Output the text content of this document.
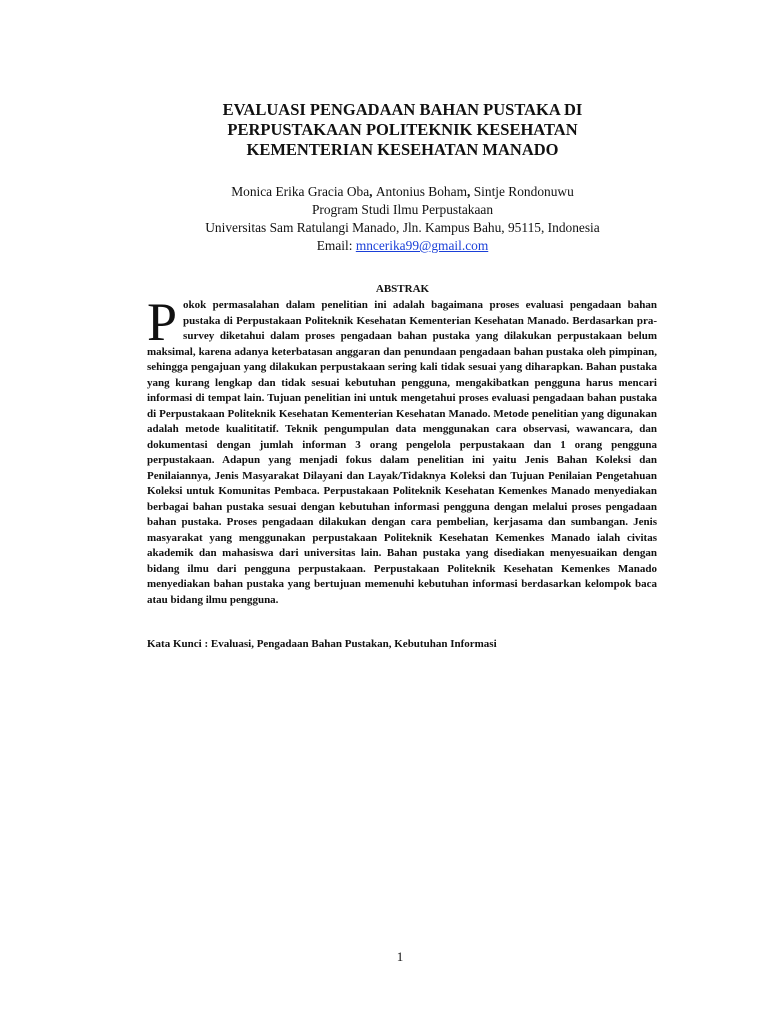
EVALUASI PENGADAAN BAHAN PUSTAKA DI
PERPUSTAKAAN POLITEKNIK KESEHATAN
KEMENTERIAN KESEHATAN MANADO
Monica Erika Gracia Oba, Antonius Boham, Sintje Rondonuwu
Program Studi Ilmu Perpustakaan
Universitas Sam Ratulangi Manado, Jln. Kampus Bahu, 95115, Indonesia
Email: mncerika99@gmail.com
ABSTRAK
Pokok permasalahan dalam penelitian ini adalah bagaimana proses evaluasi pengadaan bahan pustaka di Perpustakaan Politeknik Kesehatan Kementerian Kesehatan Manado. Berdasarkan pra-survey diketahui dalam proses pengadaan bahan pustaka yang dilakukan perpustakaan belum maksimal, karena adanya keterbatasan anggaran dan penundaan pengadaan bahan pustaka oleh pimpinan, sehingga pengajuan yang dilakukan perpustakaan sering kali tidak sesuai yang diharapkan. Bahan pustaka yang kurang lengkap dan tidak sesuai kebutuhan pengguna, mengakibatkan pengguna harus mencari informasi di tempat lain. Tujuan penelitian ini untuk mengetahui proses evaluasi pengadaan bahan pustaka di Perpustakaan Politeknik Kesehatan Kementerian Kesehatan Manado. Metode penelitian yang digunakan adalah metode kualititatif. Teknik pengumpulan data menggunakan cara observasi, wawancara, dan dokumentasi dengan jumlah informan 3 orang pengelola perpustakaan dan 1 orang pengguna perpustakaan. Adapun yang menjadi fokus dalam penelitian ini yaitu Jenis Bahan Koleksi dan Penilaiannya, Jenis Masyarakat Dilayani dan Layak/Tidaknya Koleksi dan Tujuan Penilaian Pengetahuan Koleksi untuk Komunitas Pembaca. Perpustakaan Politeknik Kesehatan Kemenkes Manado menyediakan berbagai bahan pustaka sesuai dengan kebutuhan informasi pengguna dengan melalui proses pengadaan bahan pustaka. Proses pengadaan dilakukan dengan cara pembelian, kerjasama dan sumbangan. Jenis masyarakat yang menggunakan perpustakaan Politeknik Kesehatan Kemenkes Manado ialah civitas akademik dan mahasiswa dari universitas lain. Bahan pustaka yang disediakan menyesuaikan dengan bidang ilmu dari pengguna perpustakaan. Perpustakaan Politeknik Kesehatan Kemenkes Manado menyediakan bahan pustaka yang bertujuan memenuhi kebutuhan informasi berdasarkan kelompok baca atau bidang ilmu pengguna.
Kata Kunci : Evaluasi, Pengadaan Bahan Pustakan, Kebutuhan Informasi
1
